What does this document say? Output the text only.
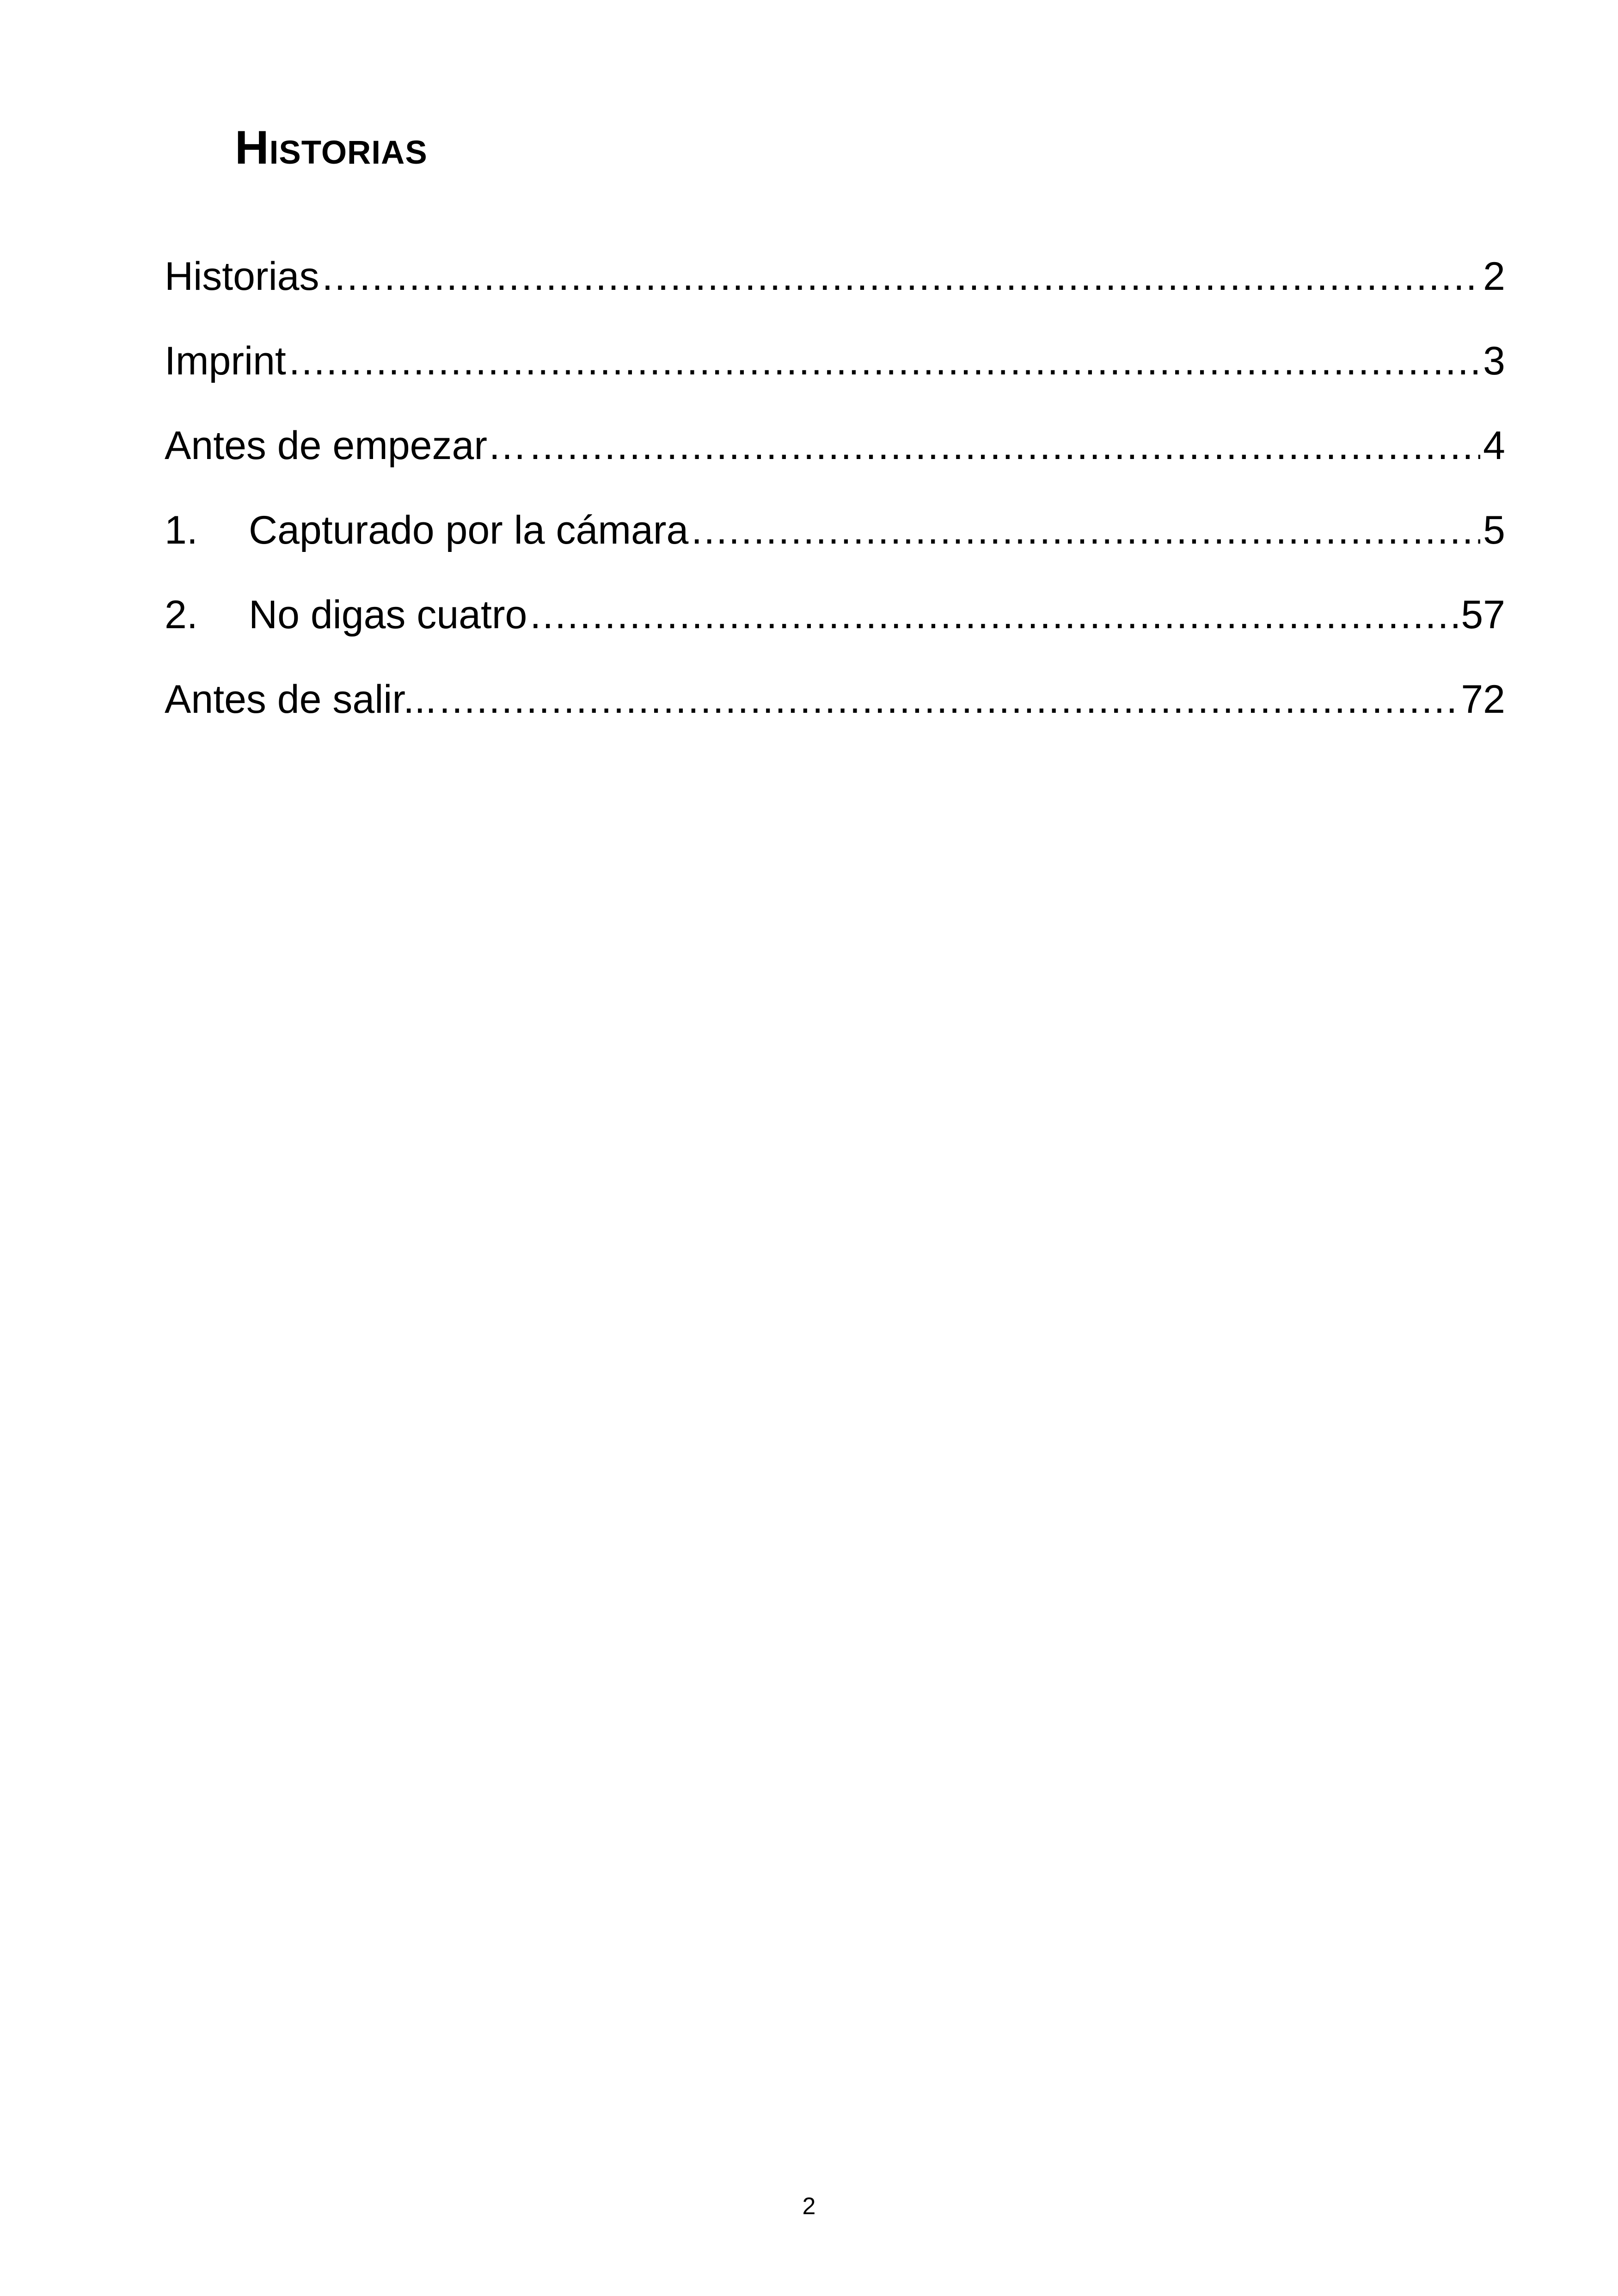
Historias
Historias .....	2
Imprint .....	3
Antes de empezar… .....	4
1.	Capturado por la cámara .....	5
2.	No digas cuatro .....	57
Antes de salir... .....	72
2
